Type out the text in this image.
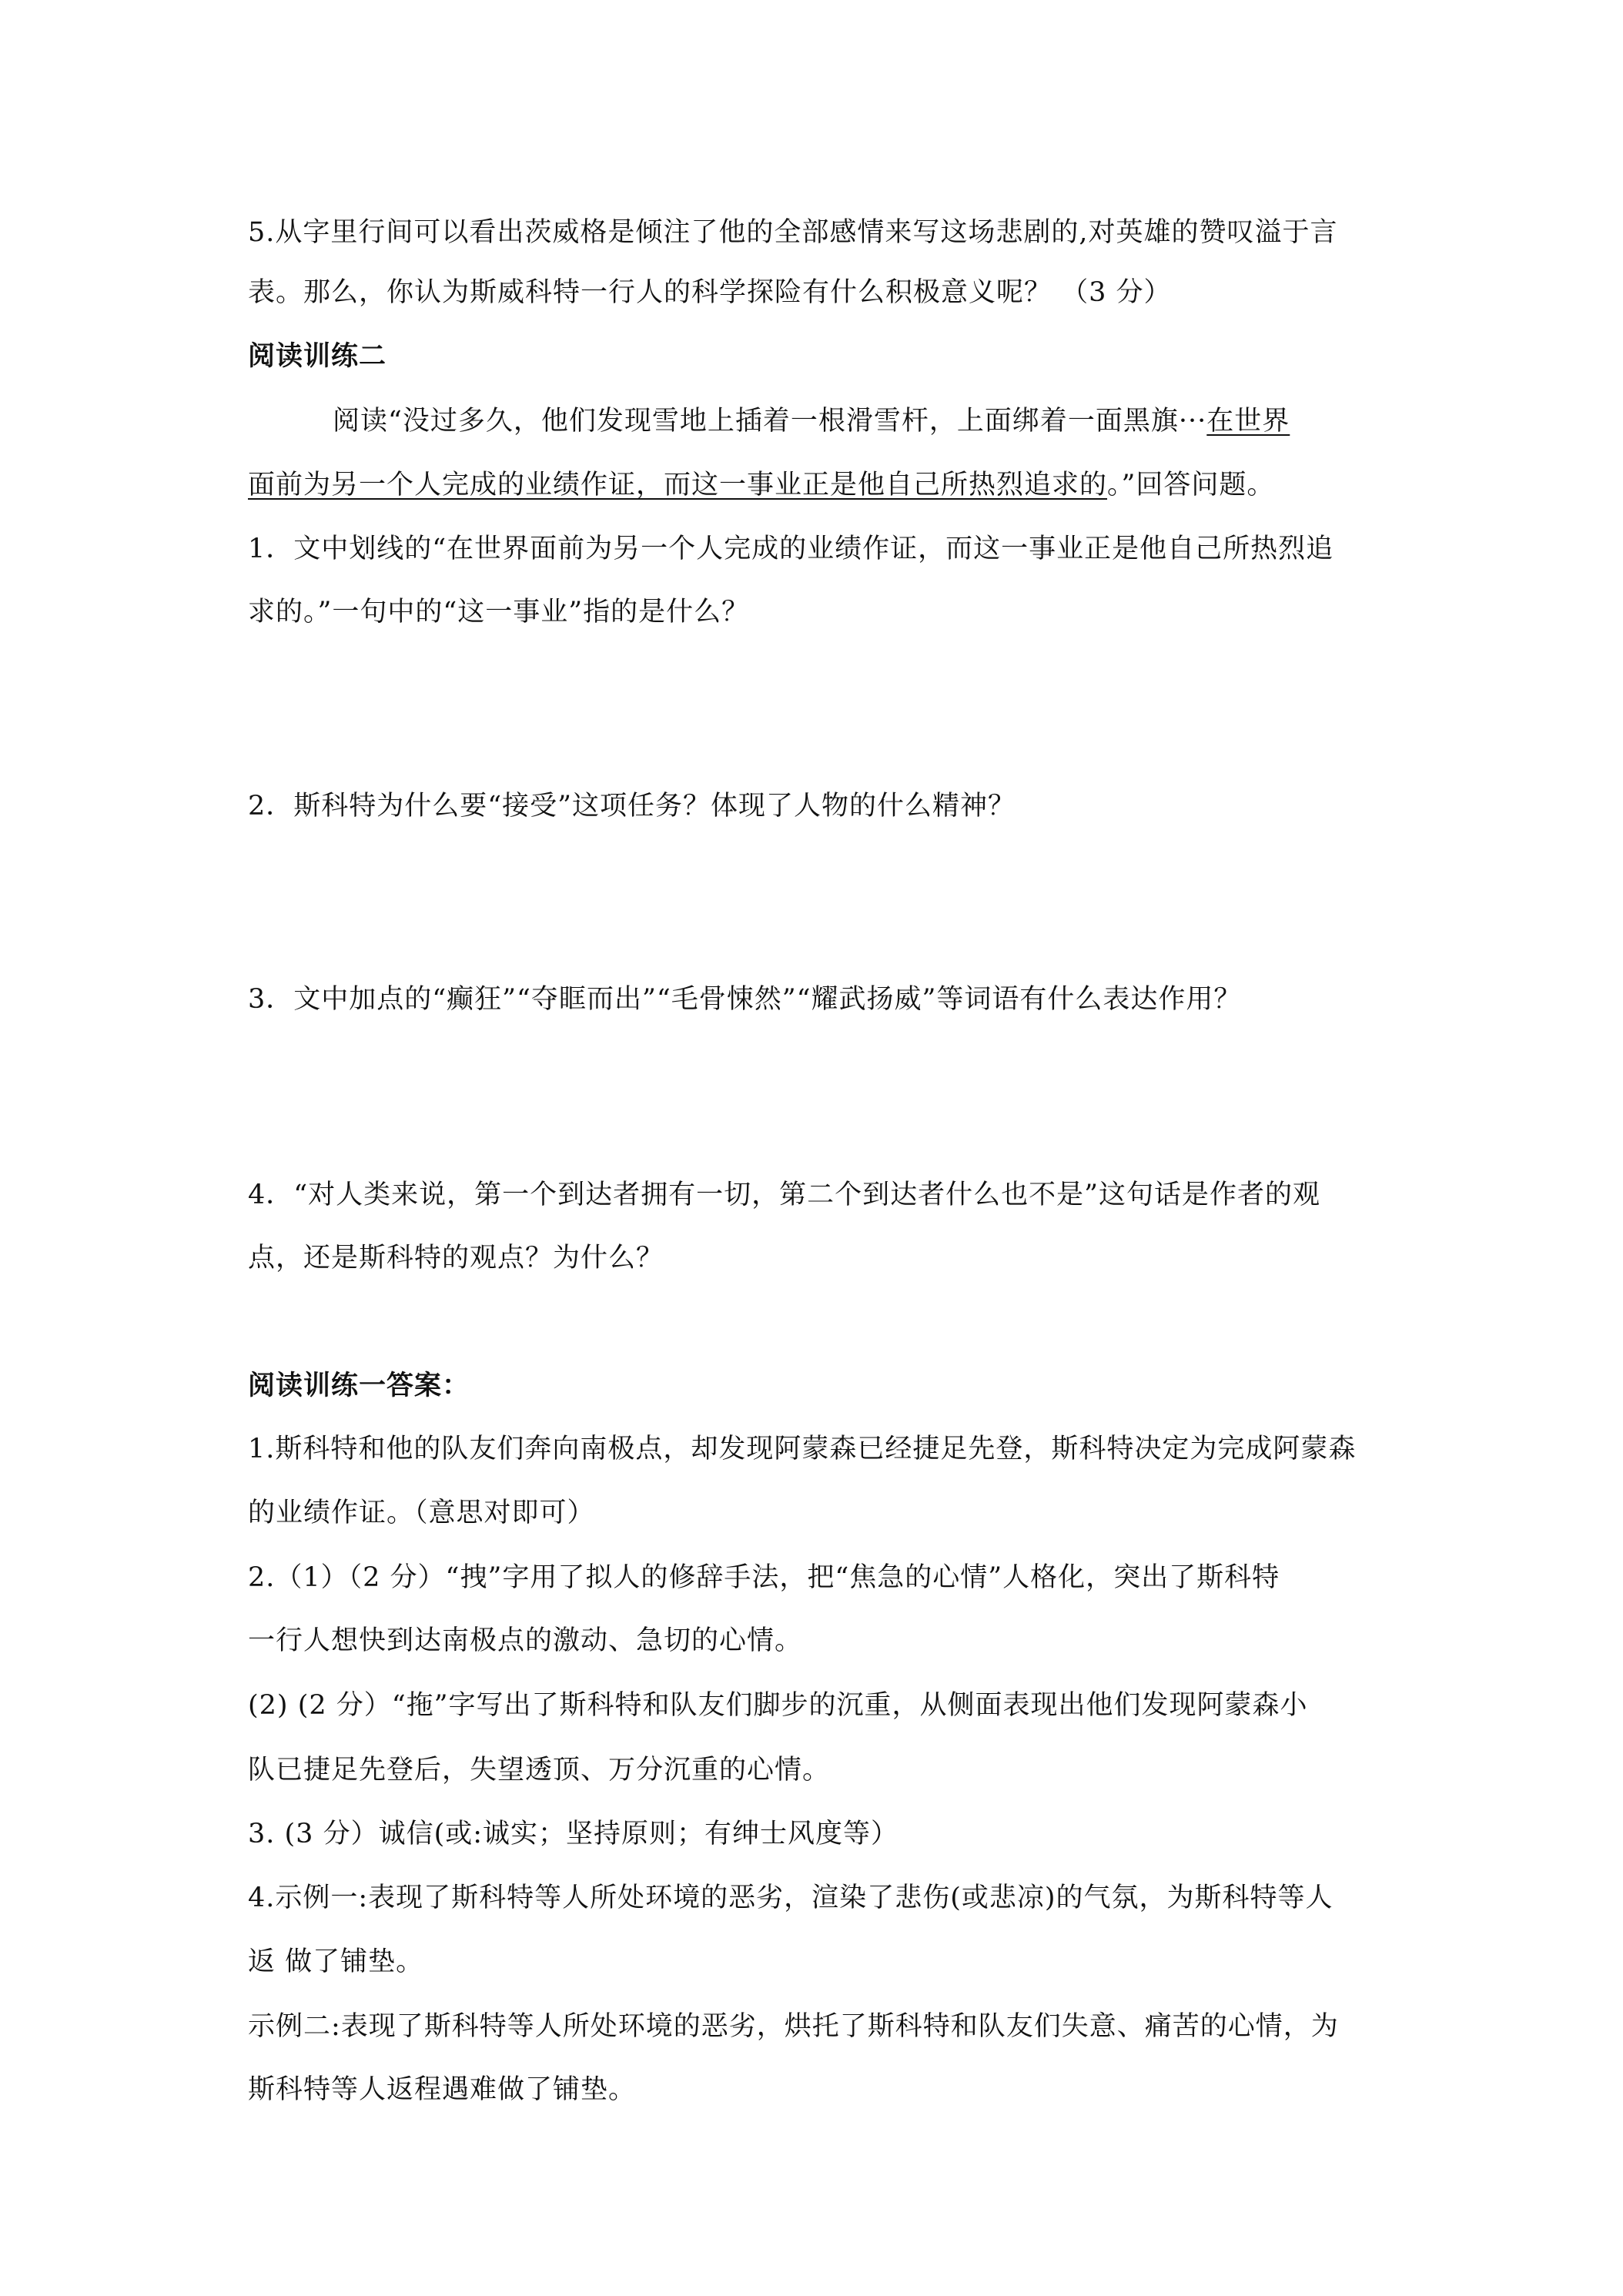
5.从字里行间可以看出茨威格是倾注了他的全部感情来写这场悲剧的,对英雄的赞叹溢于言
表。那么，你认为斯威科特一行人的科学探险有什么积极意义呢？ （3 分）
阅读训练二
阅读“没过多久，他们发现雪地上插着一根滑雪杆，上面绑着一面黑旗···在世界
面前为另一个人完成的业绩作证，而这一事业正是他自己所热烈追求的。”回答问题。
1．文中划线的“在世界面前为另一个人完成的业绩作证，而这一事业正是他自己所热烈追
求的。”一句中的“这一事业”指的是什么？
2．斯科特为什么要“接受”这项任务？体现了人物的什么精神？
3．文中加点的“癫狂”“夺眶而出”“毛骨悚然”“耀武扬威”等词语有什么表达作用？
4．“对人类来说，第一个到达者拥有一切，第二个到达者什么也不是”这句话是作者的观
点，还是斯科特的观点？为什么？
阅读训练一答案：
1.斯科特和他的队友们奔向南极点，却发现阿蒙森已经捷足先登，斯科特决定为完成阿蒙森
的业绩作证。（意思对即可）
2.（1）（2 分）“拽”字用了拟人的修辞手法，把“焦急的心情”人格化，突出了斯科特
一行人想快到达南极点的激动、急切的心情。
(2) (2 分）“拖”字写出了斯科特和队友们脚步的沉重，从侧面表现出他们发现阿蒙森小
队已捷足先登后，失望透顶、万分沉重的心情。
3. (3 分）诚信(或:诚实；坚持原则；有绅士风度等）
4.示例一:表现了斯科特等人所处环境的恶劣，渲染了悲伤(或悲凉)的气氛，为斯科特等人
返 做了铺垫。
示例二:表现了斯科特等人所处环境的恶劣，烘托了斯科特和队友们失意、痛苦的心情，为
斯科特等人返程遇难做了铺垫。
